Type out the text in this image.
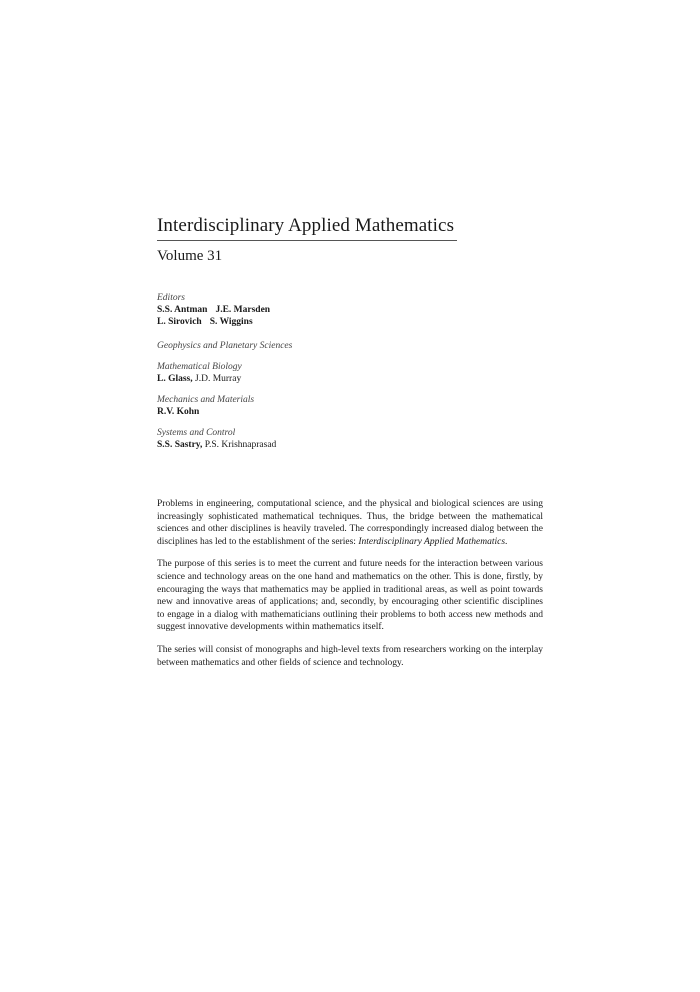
Interdisciplinary Applied Mathematics
Volume 31
Editors
S.S. Antman J.E. Marsden
L. Sirovich S. Wiggins
Geophysics and Planetary Sciences
Mathematical Biology
L. Glass, J.D. Murray
Mechanics and Materials
R.V. Kohn
Systems and Control
S.S. Sastry, P.S. Krishnaprasad

Problems in engineering, computational science, and the physical and biological sciences are using increasingly sophisticated mathematical techniques. Thus, the bridge between the mathematical sciences and other disciplines is heavily traveled. The correspondingly increased dialog between the disciplines has led to the establishment of the series: Interdisciplinary Applied Mathematics.

The purpose of this series is to meet the current and future needs for the interaction between various science and technology areas on the one hand and mathematics on the other. This is done, firstly, by encouraging the ways that mathematics may be applied in traditional areas, as well as point towards new and innovative areas of applications; and, secondly, by encouraging other scientific disciplines to engage in a dialog with mathematicians outlining their problems to both access new methods and suggest innovative developments within mathematics itself.

The series will consist of monographs and high-level texts from researchers working on the interplay between mathematics and other fields of science and technology.
